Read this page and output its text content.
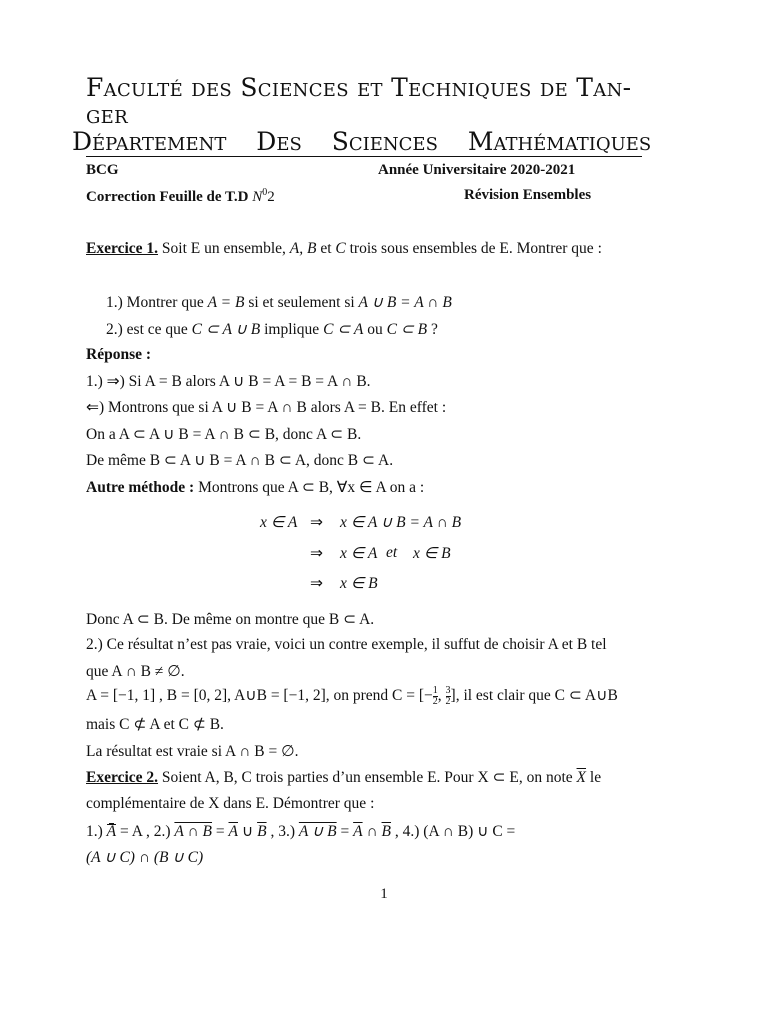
Faculté des Sciences et Techniques de Tan-
ger
Département Des Sciences Mathématiques
BCG	Année Universitaire 2020-2021
Correction Feuille de T.D $N^02$	Révision Ensembles
Exercice 1. Soit E un ensemble, A, B et C trois sous ensembles de E. Montrer que :
1.) Montrer que A = B si et seulement si A ∪ B = A ∩ B
2.) est ce que C ⊂ A ∪ B implique C ⊂ A ou C ⊂ B ?
Réponse :
1.) ⇒) Si A = B alors A ∪ B = A = B = A ∩ B.
⇐) Montrons que si A ∪ B = A ∩ B alors A = B. En effet :
On a A ⊂ A ∪ B = A ∩ B ⊂ B, donc A ⊂ B.
De même B ⊂ A ∪ B = A ∩ B ⊂ A, donc B ⊂ A.
Autre méthode : Montrons que A ⊂ B, ∀x ∈ A on a :
x ∈ A ⇒ x ∈ A ∪ B = A ∩ B
⇒ x ∈ A et x ∈ B
⇒ x ∈ B
Donc A ⊂ B. De même on montre que B ⊂ A.
2.) Ce résultat n’est pas vraie, voici un contre exemple, il suffut de choisir A et B tel
que A ∩ B ≠ ∅.
A = [−1, 1] , B = [0, 2], A∪B = [−1, 2], on prend C = [− $\frac{1}{2}$ , $\frac{3}{2}$ ], il est clair que C ⊂ A∪B
mais C ⊄ A et C ⊄ B.
La résultat est vraie si A ∩ B = ∅.
Exercice 2. Soient A, B, C trois parties d’un ensemble E. Pour X ⊂ E, on note $\overline{X}$ le
complémentaire de X dans E. Démontrer que :
1.) A = A , 2.) A ∩ $B = \overline{A}$ ∪ $\overline{B}$ , 3.) A ∪ $B = \overline{A}$ ∩ $\overline{B}$ , 4.) (A ∩ B) ∪ C =
(A ∪ C) ∩ (B ∪ C)
1
